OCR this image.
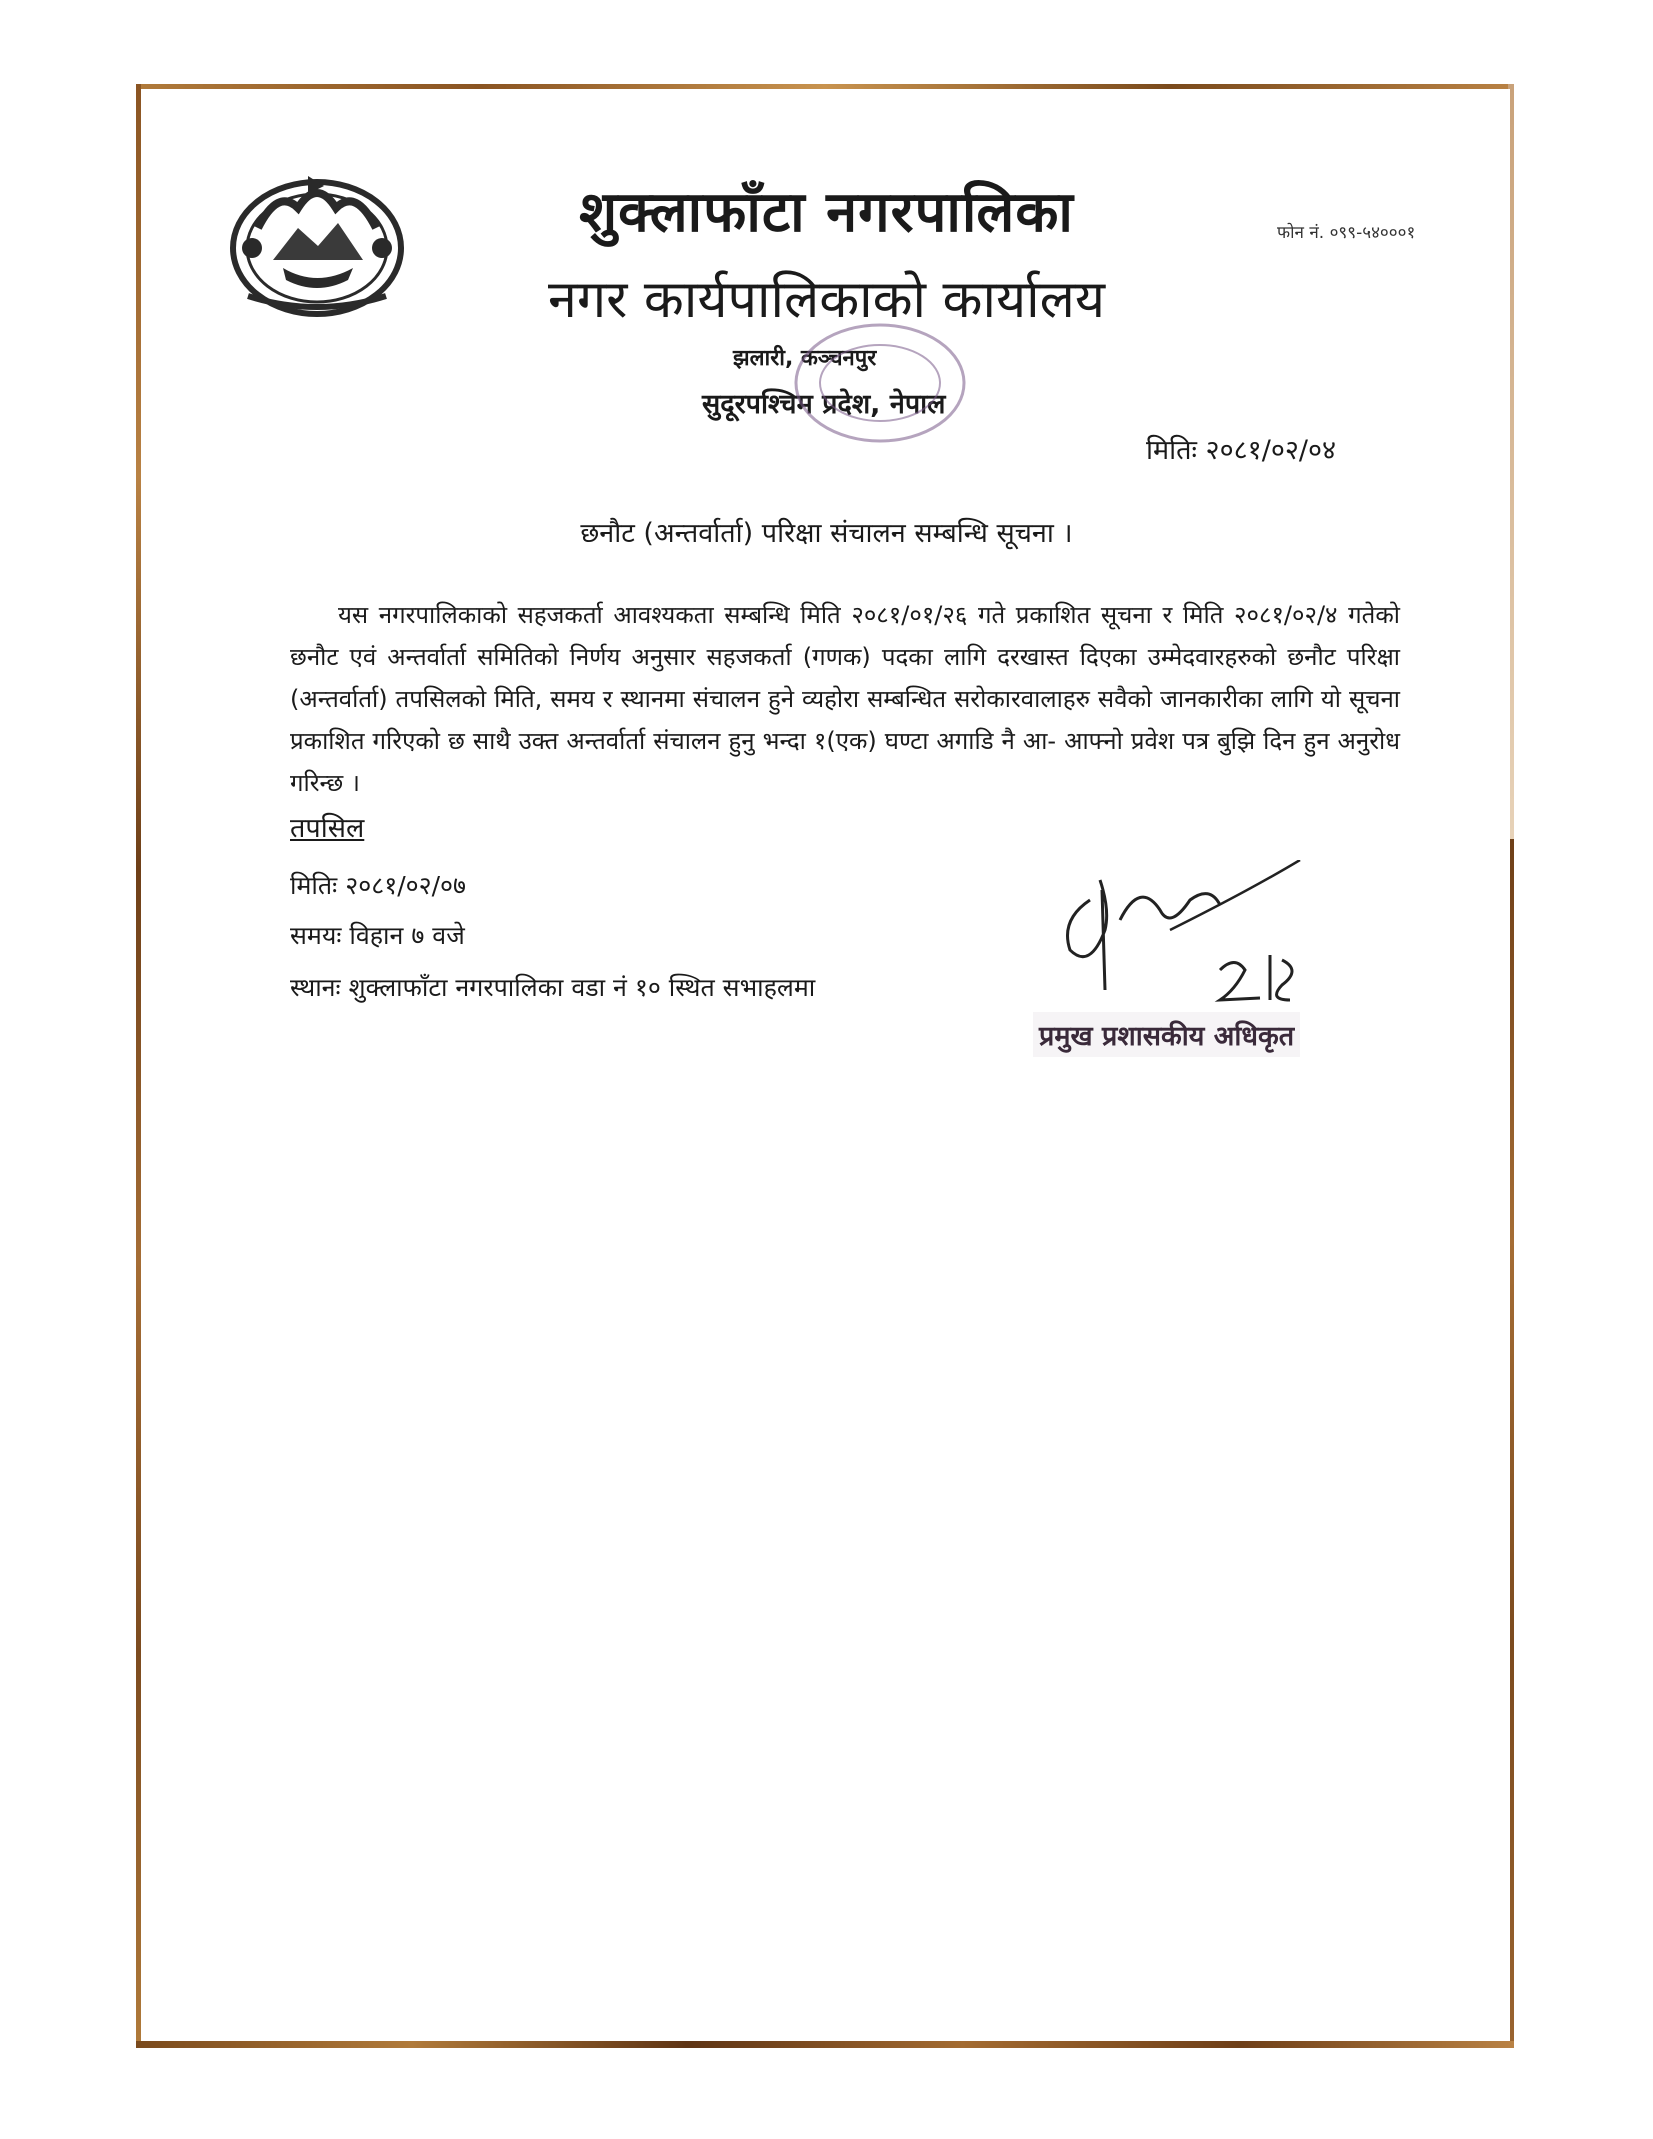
शुक्लाफाँटा नगरपालिका
नगर कार्यपालिकाको कार्यालय
झलारी, कञ्चनपुर
सुदूरपश्चिम प्रदेश, नेपाल
फोन नं. ०९९-५४०००१
मितिः २०८१/०२/०४
छनौट (अन्तर्वार्ता) परिक्षा संचालन सम्बन्धि सूचना ।
यस नगरपालिकाको सहजकर्ता आवश्यकता सम्बन्धि मिति २०८१/०१/२६ गते प्रकाशित सूचना र मिति २०८१/०२/४ गतेको छनौट एवं अन्तर्वार्ता समितिको निर्णय अनुसार सहजकर्ता (गणक) पदका लागि दरखास्त दिएका उम्मेदवारहरुको छनौट परिक्षा (अन्तर्वार्ता) तपसिलको मिति, समय र स्थानमा संचालन हुने व्यहोरा सम्बन्धित सरोकारवालाहरु सवैको जानकारीका लागि यो सूचना प्रकाशित गरिएको छ साथै उक्त अन्तर्वार्ता संचालन हुनु भन्दा १(एक) घण्टा अगाडि नै आ- आफ्नो प्रवेश पत्र बुझि दिन हुन अनुरोध गरिन्छ ।
तपसिल
मितिः २०८१/०२/०७
समयः विहान ७ वजे
स्थानः शुक्लाफाँटा नगरपालिका वडा नं १० स्थित सभाहलमा
प्रमुख प्रशासकीय अधिकृत
